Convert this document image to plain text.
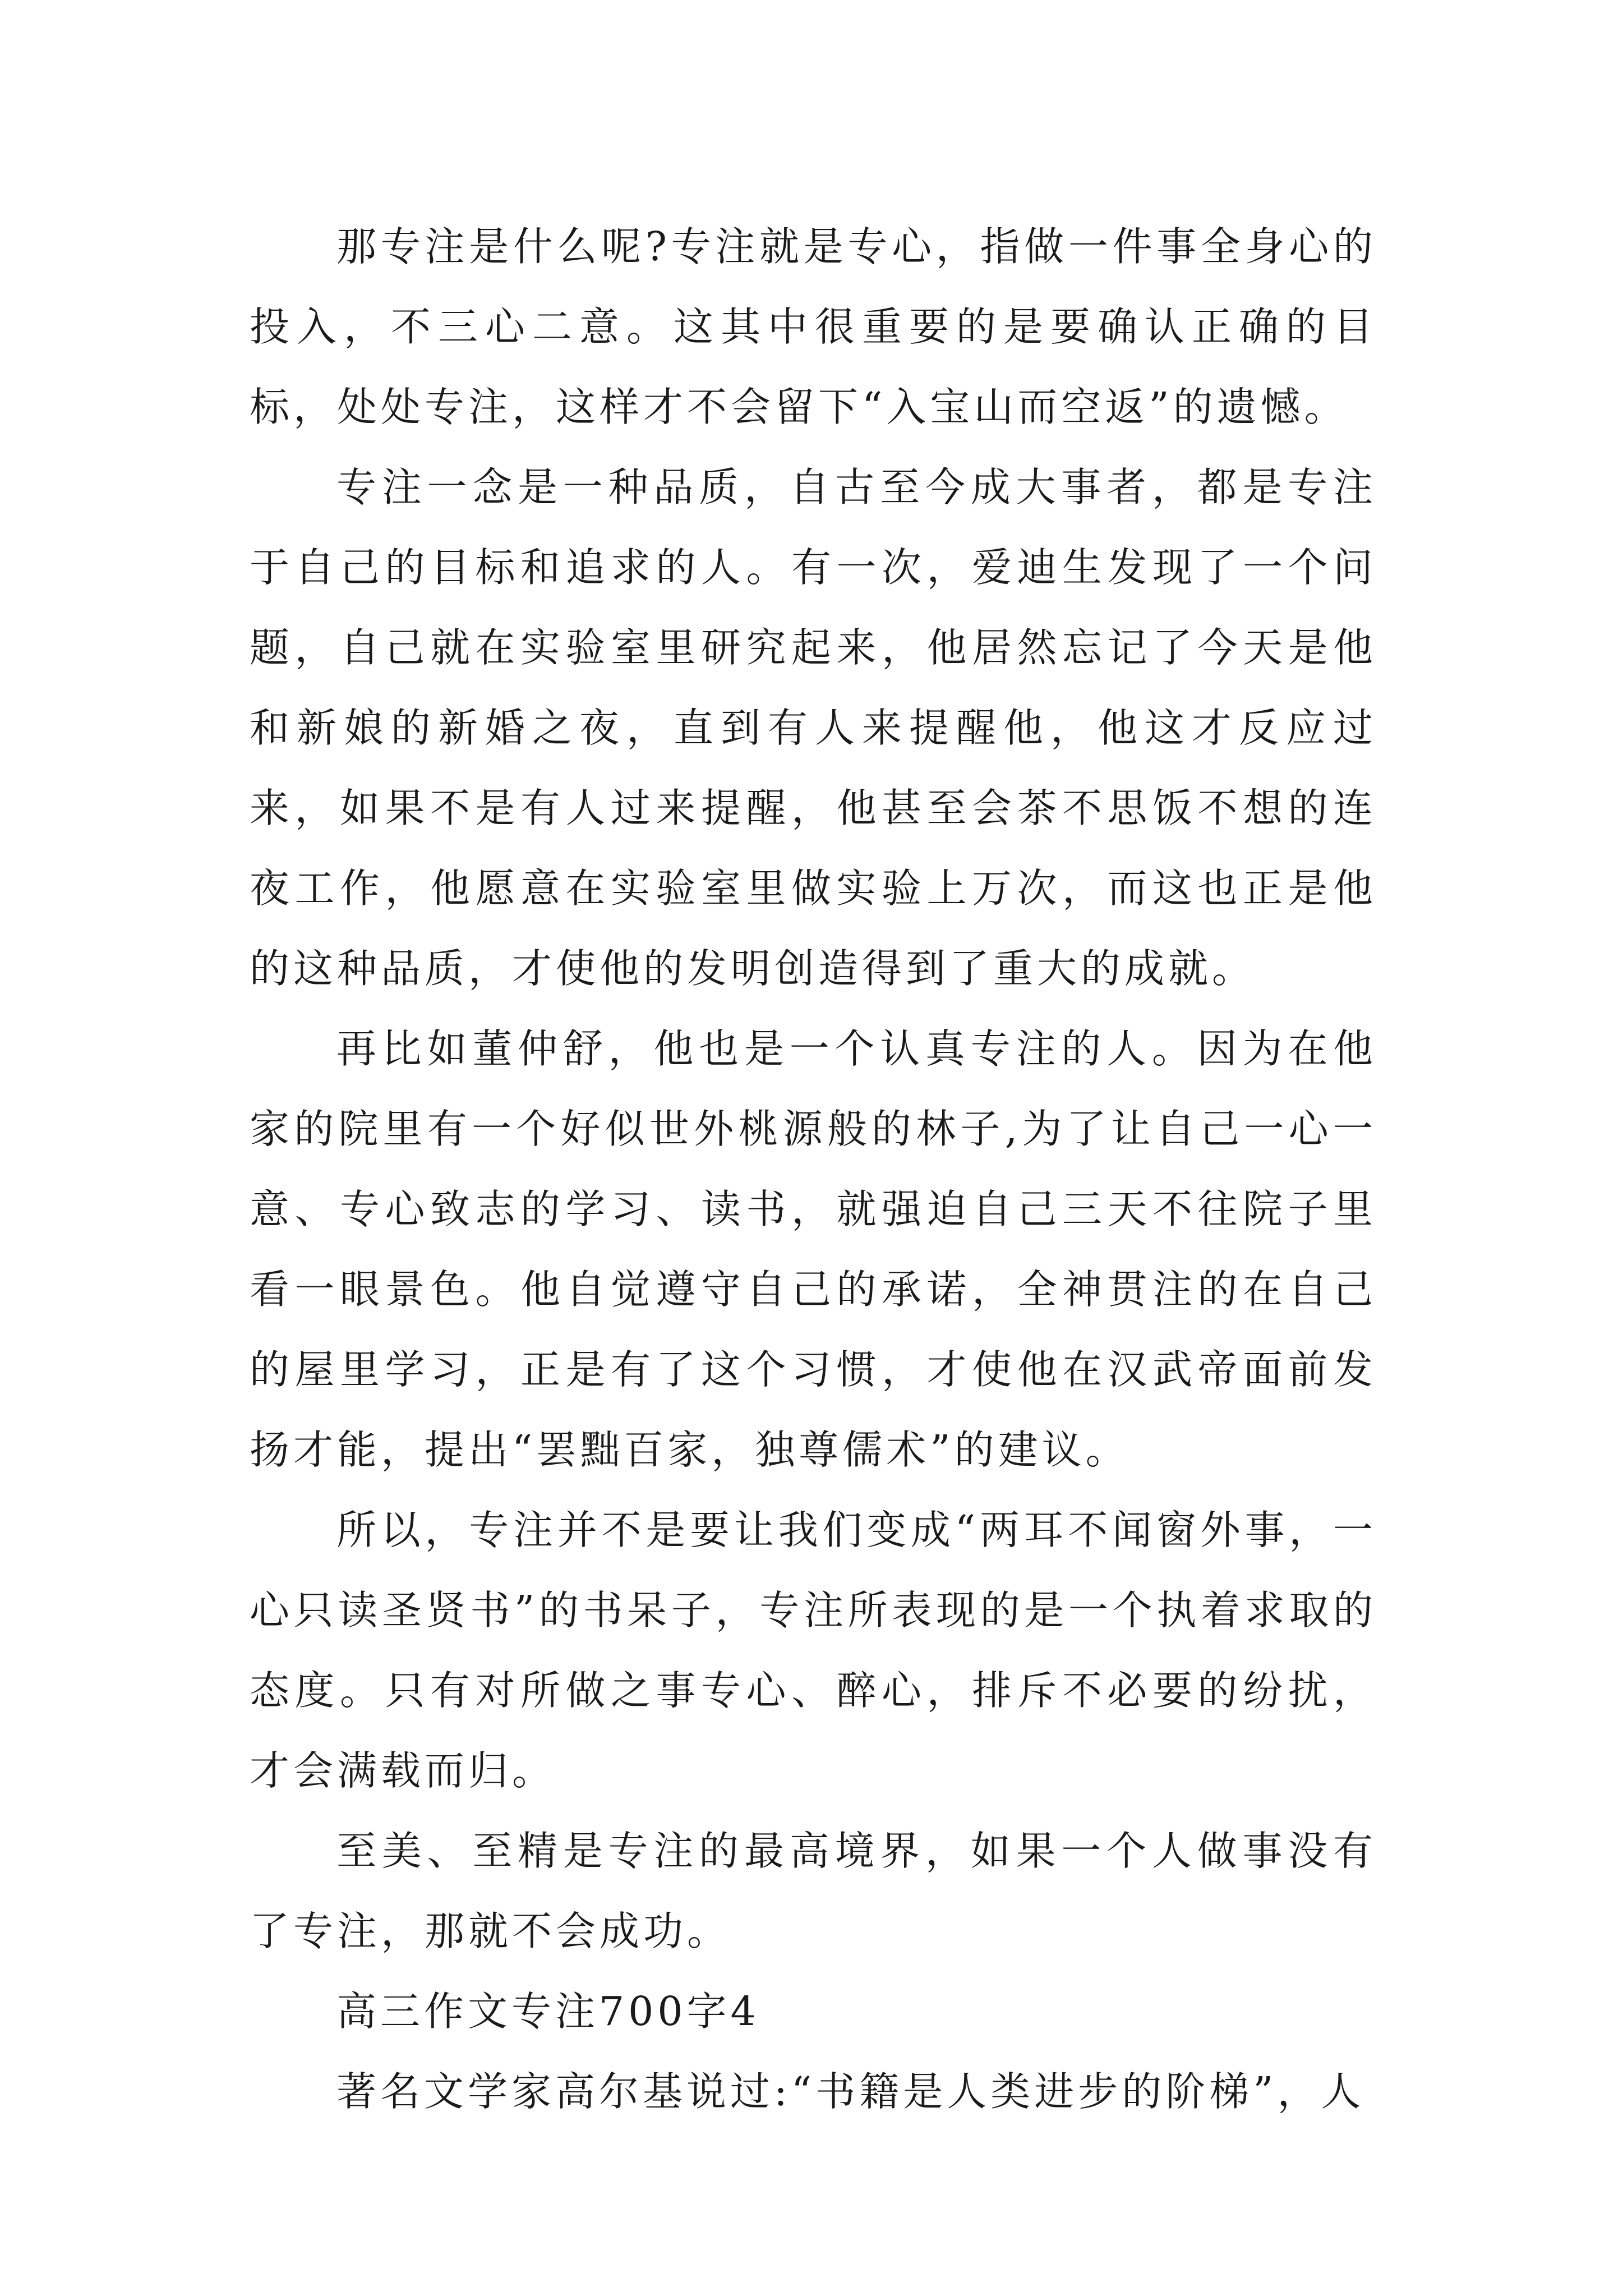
那专注是什么呢?专注就是专心，指做一件事全身心的投入，不三心二意。这其中很重要的是要确认正确的目标，处处专注，这样才不会留下“入宝山而空返”的遗憾。

专注一念是一种品质，自古至今成大事者，都是专注于自己的目标和追求的人。有一次，爱迪生发现了一个问题，自己就在实验室里研究起来，他居然忘记了今天是他和新娘的新婚之夜，直到有人来提醒他，他这才反应过来，如果不是有人过来提醒，他甚至会茶不思饭不想的连夜工作，他愿意在实验室里做实验上万次，而这也正是他的这种品质，才使他的发明创造得到了重大的成就。

再比如董仲舒，他也是一个认真专注的人。因为在他家的院里有一个好似世外桃源般的林子,为了让自己一心一意、专心致志的学习、读书，就强迫自己三天不往院子里看一眼景色。他自觉遵守自己的承诺，全神贯注的在自己的屋里学习，正是有了这个习惯，才使他在汉武帝面前发扬才能，提出“罢黜百家，独尊儒术”的建议。

所以，专注并不是要让我们变成“两耳不闻窗外事，一心只读圣贤书”的书呆子，专注所表现的是一个执着求取的态度。只有对所做之事专心、醉心，排斥不必要的纷扰，才会满载而归。

至美、至精是专注的最高境界，如果一个人做事没有了专注，那就不会成功。

高三作文专注700字4

著名文学家高尔基说过:“书籍是人类进步的阶梯”，人
